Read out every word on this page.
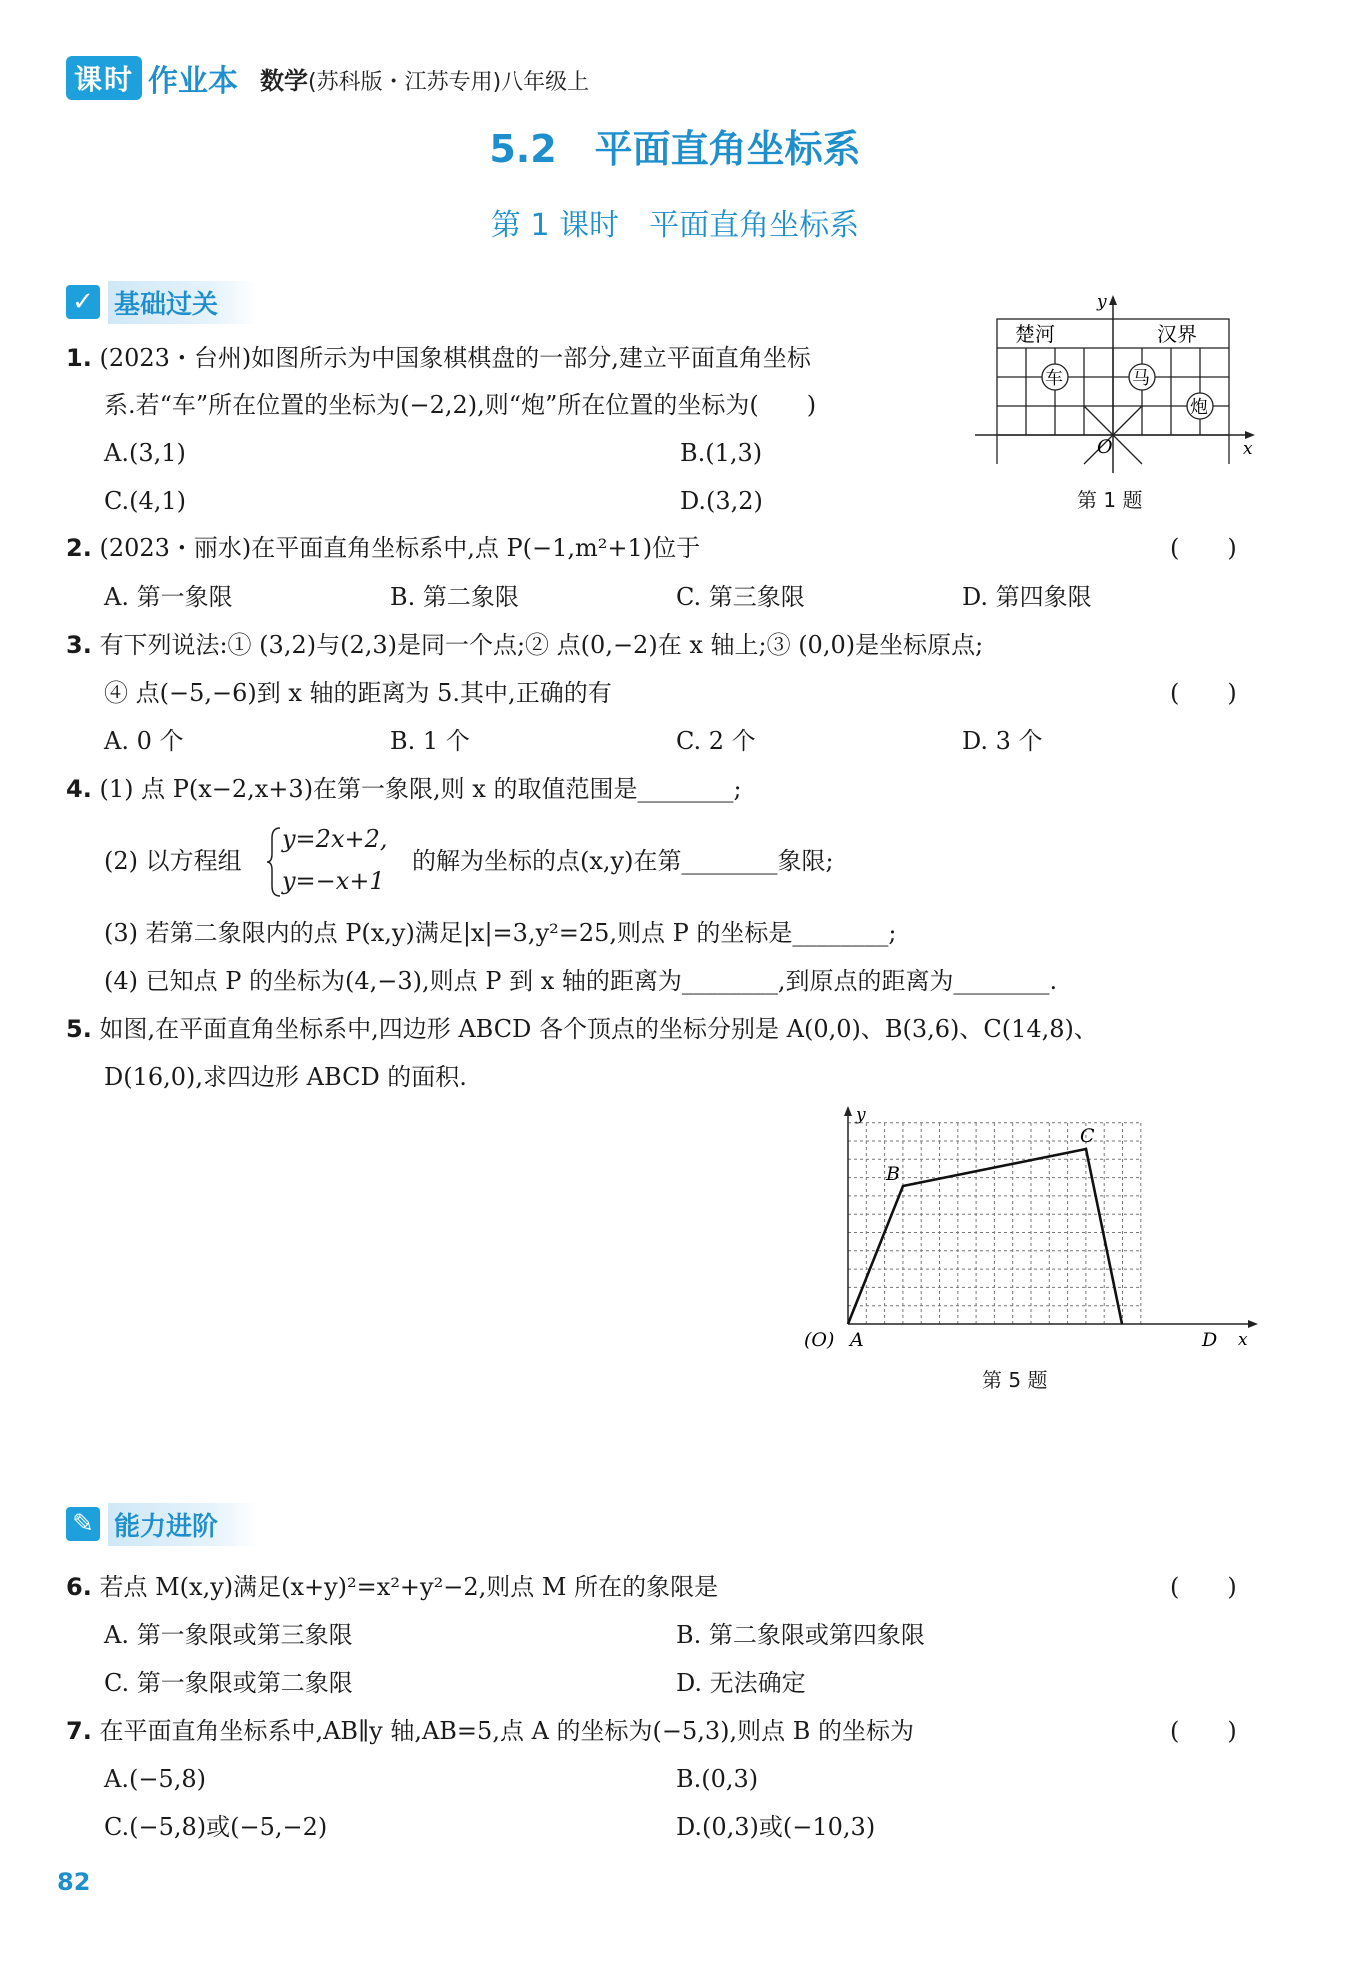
课时 作业本 数学(苏科版・江苏专用)八年级上
5.2　平面直角坐标系
第 1 课时　平面直角坐标系
✓ 基础过关
1. (2023・台州)如图所示为中国象棋棋盘的一部分,建立平面直角坐标
系.若“车”所在位置的坐标为(−2,2),则“炮”所在位置的坐标为(　　)
A.(3,1)	B.(1,3)
C.(4,1)	D.(3,2)
y
x
O
楚河	汉界
车	马
炮
第 1 题
2. (2023・丽水)在平面直角坐标系中,点 P(−1,m²+1)位于	(　　)
A. 第一象限	B. 第二象限	C. 第三象限	D. 第四象限
3. 有下列说法:① (3,2)与(2,3)是同一个点;② 点(0,−2)在 x 轴上;③ (0,0)是坐标原点;
④ 点(−5,−6)到 x 轴的距离为 5.其中,正确的有	(　　)
A. 0 个	B. 1 个	C. 2 个	D. 3 个
4. (1) 点 P(x−2,x+3)在第一象限,则 x 的取值范围是________;
(2) 以方程组
y=2x+2,
y=−x+1
的解为坐标的点(x,y)在第________象限;
(3) 若第二象限内的点 P(x,y)满足|x|=3,y²=25,则点 P 的坐标是________;
(4) 已知点 P 的坐标为(4,−3),则点 P 到 x 轴的距离为________,到原点的距离为________.
5. 如图,在平面直角坐标系中,四边形 ABCD 各个顶点的坐标分别是 A(0,0)、B(3,6)、C(14,8)、
D(16,0),求四边形 ABCD 的面积.
y
x
(O) A
B
C
D
第 5 题
✎ 能力进阶
6. 若点 M(x,y)满足(x+y)²=x²+y²−2,则点 M 所在的象限是	(　　)
A. 第一象限或第三象限	B. 第二象限或第四象限
C. 第一象限或第二象限	D. 无法确定
7. 在平面直角坐标系中,AB∥y 轴,AB=5,点 A 的坐标为(−5,3),则点 B 的坐标为	(　　)
A.(−5,8)	B.(0,3)
C.(−5,8)或(−5,−2)	D.(0,3)或(−10,3)
82
